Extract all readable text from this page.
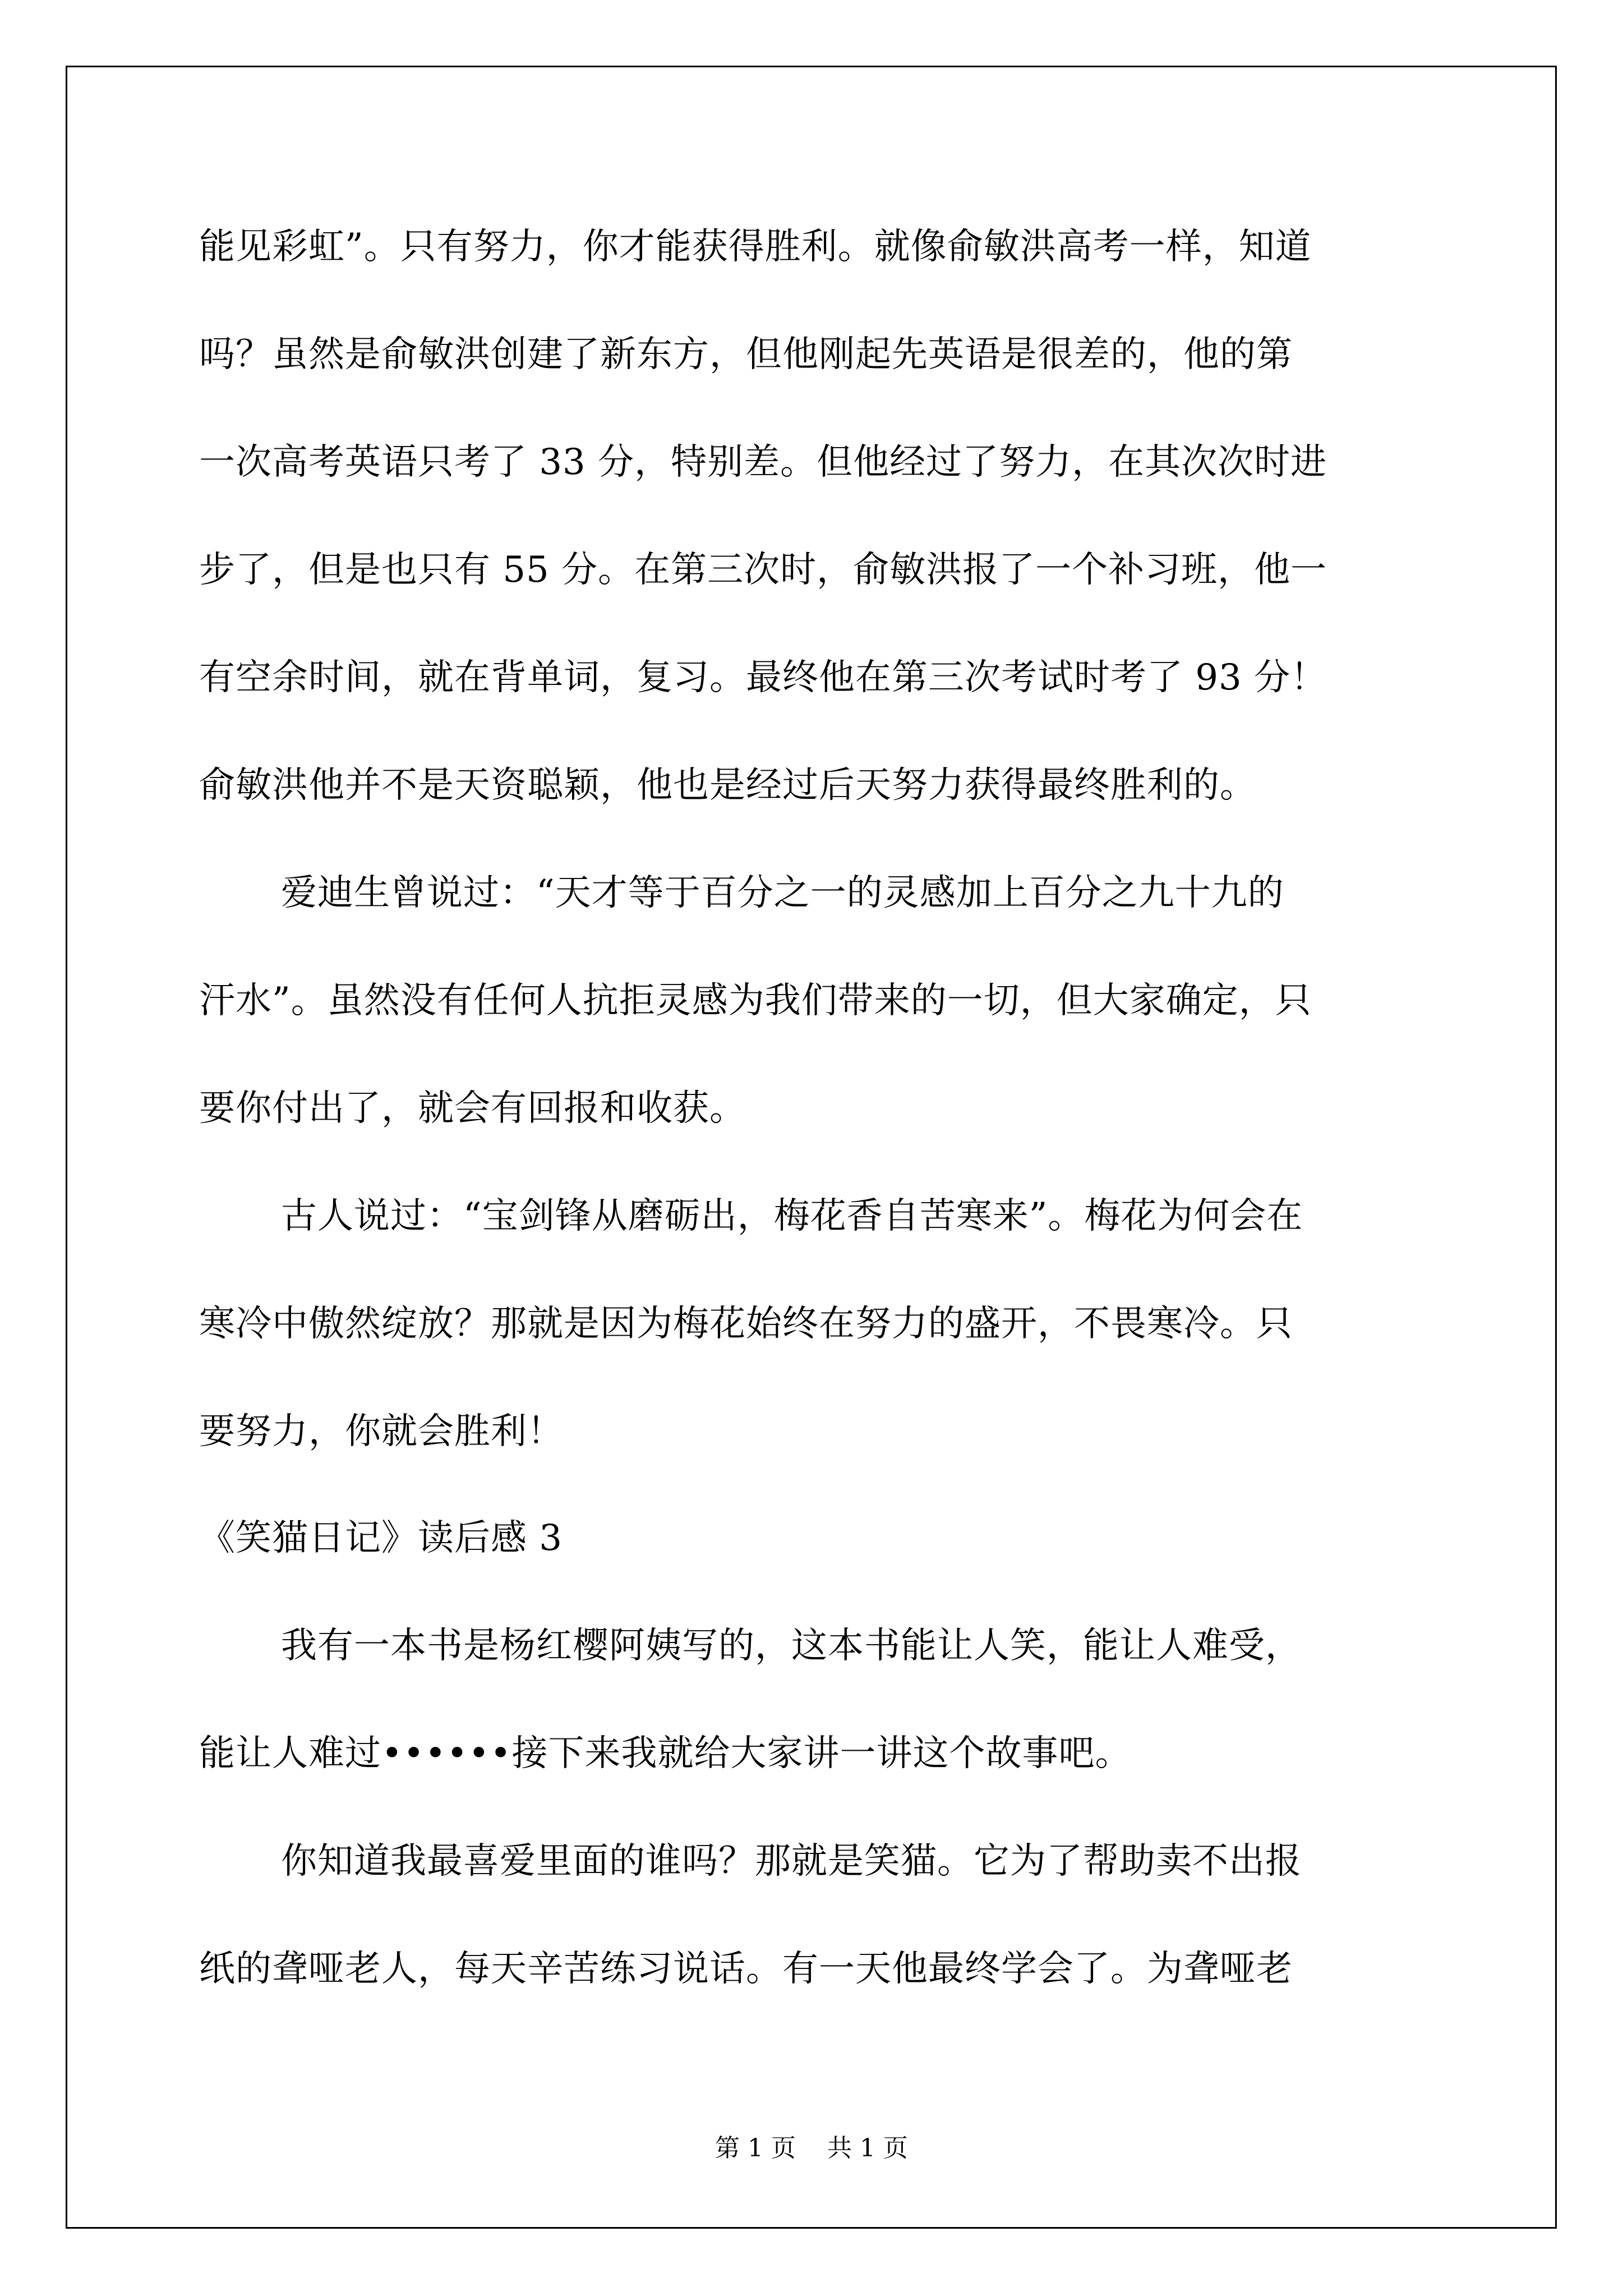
能见彩虹”。只有努力，你才能获得胜利。就像俞敏洪高考一样，知道
吗？虽然是俞敏洪创建了新东方，但他刚起先英语是很差的，他的第
一次高考英语只考了 33 分，特别差。但他经过了努力，在其次次时进
步了，但是也只有 55 分。在第三次时，俞敏洪报了一个补习班，他一
有空余时间，就在背单词，复习。最终他在第三次考试时考了 93 分！
俞敏洪他并不是天资聪颖，他也是经过后天努力获得最终胜利的。
爱迪生曾说过：“天才等于百分之一的灵感加上百分之九十九的
汗水”。虽然没有任何人抗拒灵感为我们带来的一切，但大家确定，只
要你付出了，就会有回报和收获。
古人说过：“宝剑锋从磨砺出，梅花香自苦寒来”。梅花为何会在
寒冷中傲然绽放？那就是因为梅花始终在努力的盛开，不畏寒冷。只
要努力，你就会胜利！
《笑猫日记》读后感 3
我有一本书是杨红樱阿姨写的，这本书能让人笑，能让人难受，
能让人难过••••••接下来我就给大家讲一讲这个故事吧。
你知道我最喜爱里面的谁吗？那就是笑猫。它为了帮助卖不出报
纸的聋哑老人，每天辛苦练习说话。有一天他最终学会了。为聋哑老
第 1 页    共 1 页
